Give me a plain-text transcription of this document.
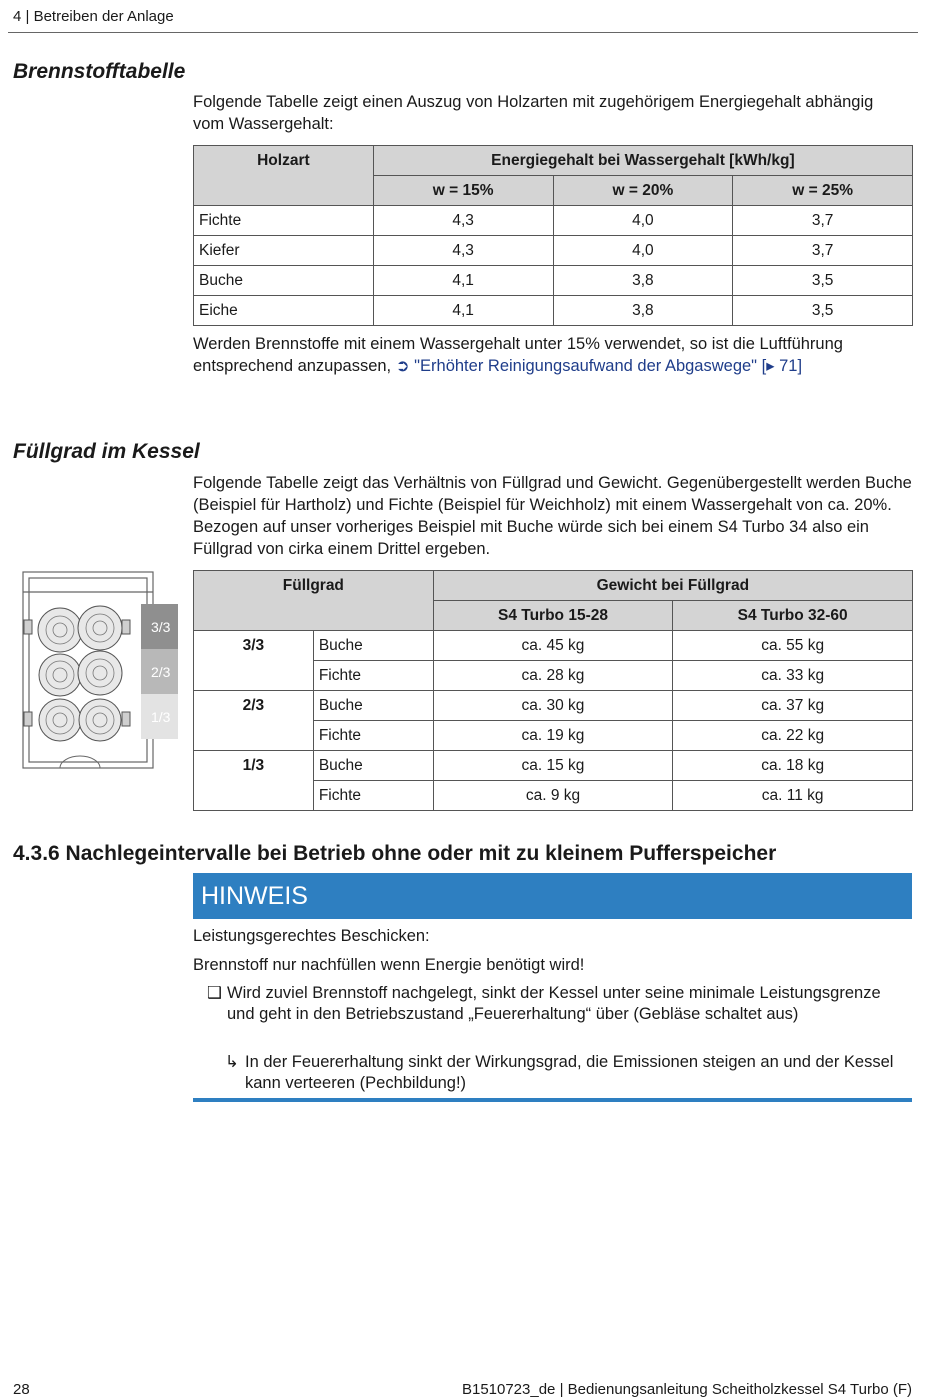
4 | Betreiben der Anlage
Brennstofftabelle

Folgende Tabelle zeigt einen Auszug von Holzarten mit zugehörigem Energiegehalt abhängig vom Wassergehalt:

Holzart	Energiegehalt bei Wassergehalt [kWh/kg]		
	w = 15%	w = 20%	w = 25%
Fichte	4,3	4,0	3,7
Kiefer	4,3	4,0	3,7
Buche	4,1	3,8	3,5
Eiche	4,1	3,8	3,5

Werden Brennstoffe mit einem Wassergehalt unter 15% verwendet, so ist die Luftführung entsprechend anzupassen, ➲ "Erhöhter Reinigungsaufwand der Abgaswege" [▸ 71]

Füllgrad im Kessel

Folgende Tabelle zeigt das Verhältnis von Füllgrad und Gewicht. Gegenübergestellt werden Buche (Beispiel für Hartholz) und Fichte (Beispiel für Weichholz) mit einem Wassergehalt von ca. 20%. Bezogen auf unser vorheriges Beispiel mit Buche würde sich bei einem S4 Turbo 34 also ein Füllgrad von cirka einem Drittel ergeben.

3/3
2/3
1/3
Füllgrad		Gewicht bei Füllgrad	
		S4 Turbo 15-28	S4 Turbo 32-60
3/3	Buche	ca. 45 kg	ca. 55 kg
	Fichte	ca. 28 kg	ca. 33 kg
2/3	Buche	ca. 30 kg	ca. 37 kg
	Fichte	ca. 19 kg	ca. 22 kg
1/3	Buche	ca. 15 kg	ca. 18 kg
	Fichte	ca. 9 kg	ca. 11 kg
4.3.6 Nachlegeintervalle bei Betrieb ohne oder mit zu kleinem Pufferspeicher
HINWEIS

Leistungsgerechtes Beschicken:

Brennstoff nur nachfüllen wenn Energie benötigt wird!

❑ Wird zuviel Brennstoff nachgelegt, sinkt der Kessel unter seine minimale Leistungsgrenze und geht in den Betriebszustand „Feuererhaltung“ über (Gebläse schaltet aus)
↳ In der Feuererhaltung sinkt der Wirkungsgrad, die Emissionen steigen an und der Kessel kann verteeren (Pechbildung!)
28	B1510723_de | Bedienungsanleitung Scheitholzkessel S4 Turbo (F)
